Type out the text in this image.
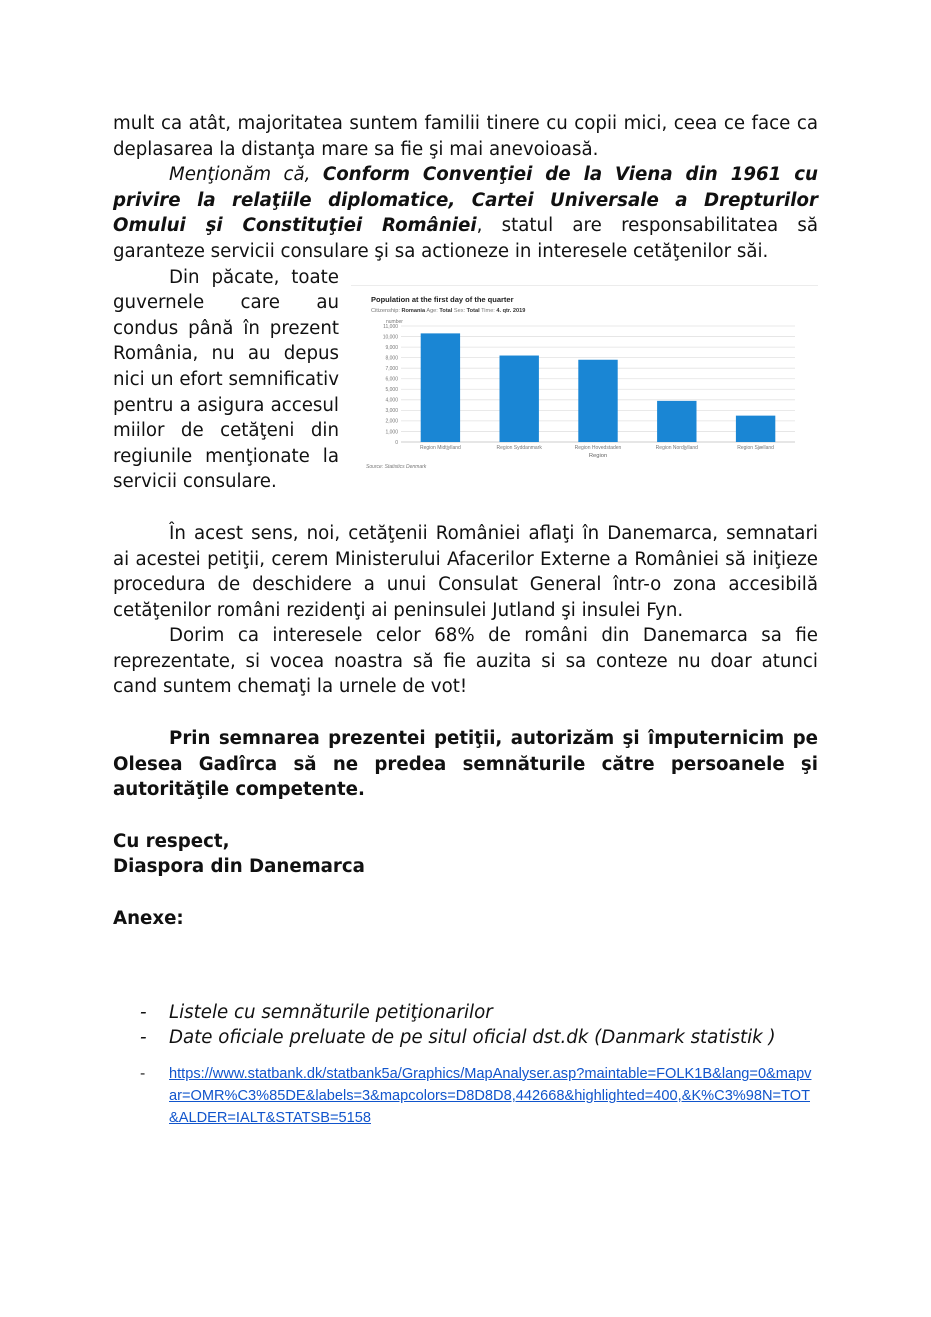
mult ca atât, majoritatea suntem familii tinere cu copii mici, ceea ce face ca deplasarea la distanţa mare sa fie şi mai anevoioasă.

Menţionăm că, Conform Convenţiei de la Viena din 1961 cu privire la relaţiile diplomatice, Cartei Universale a Drepturilor Omului şi Constituţiei României, statul are responsabilitatea să garanteze servicii consulare şi sa actioneze in interesele cetăţenilor săi.

Population at the first day of the quarter
Citizenship: Romania Age: Total Sex: Total Time: 4. qtr. 2019
number
0
1,000
2,000
3,000
4,000
5,000
6,000
7,000
8,000
9,000
10,000
11,000
Region Midtjylland	Region Syddanmark	Region Hovedstaden	Region Nordjylland	Region Sjælland
Region
Source: Statistics Denmark

Din păcate, toate guvernele care au condus până în prezent România, nu au depus nici un efort semnificativ pentru a asigura accesul miilor de cetăţeni din regiunile menţionate la servicii consulare.

În acest sens, noi, cetăţenii României aflaţi în Danemarca, semnatari ai acestei petiţii, cerem Ministerului Afacerilor Externe a României să iniţieze procedura de deschidere a unui Consulat General într-o zona accesibilă cetăţenilor români rezidenţi ai peninsulei Jutland şi insulei Fyn.

Dorim ca interesele celor 68% de români din Danemarca sa fie reprezentate, si vocea noastra să fie auzita si sa conteze nu doar atunci cand suntem chemaţi la urnele de vot!

Prin semnarea prezentei petiţii, autorizăm şi împuternicim pe Olesea Gadîrca să ne predea semnăturile către persoanele şi autorităţile competente.

Cu respect,

Diaspora din Danemarca

Anexe:

- Listele cu semnăturile petiţionarilor
- Date oficiale preluate de pe situl oficial dst.dk (Danmark statistik )
- https://www.statbank.dk/statbank5a/Graphics/MapAnalyser.asp?maintable=FOLK1B&lang=0&mapvar=OMR%C3%85DE&labels=3&mapcolors=D8D8D8,442668&highlighted=400,&K%C3%98N=TOT&ALDER=IALT&STATSB=5158
